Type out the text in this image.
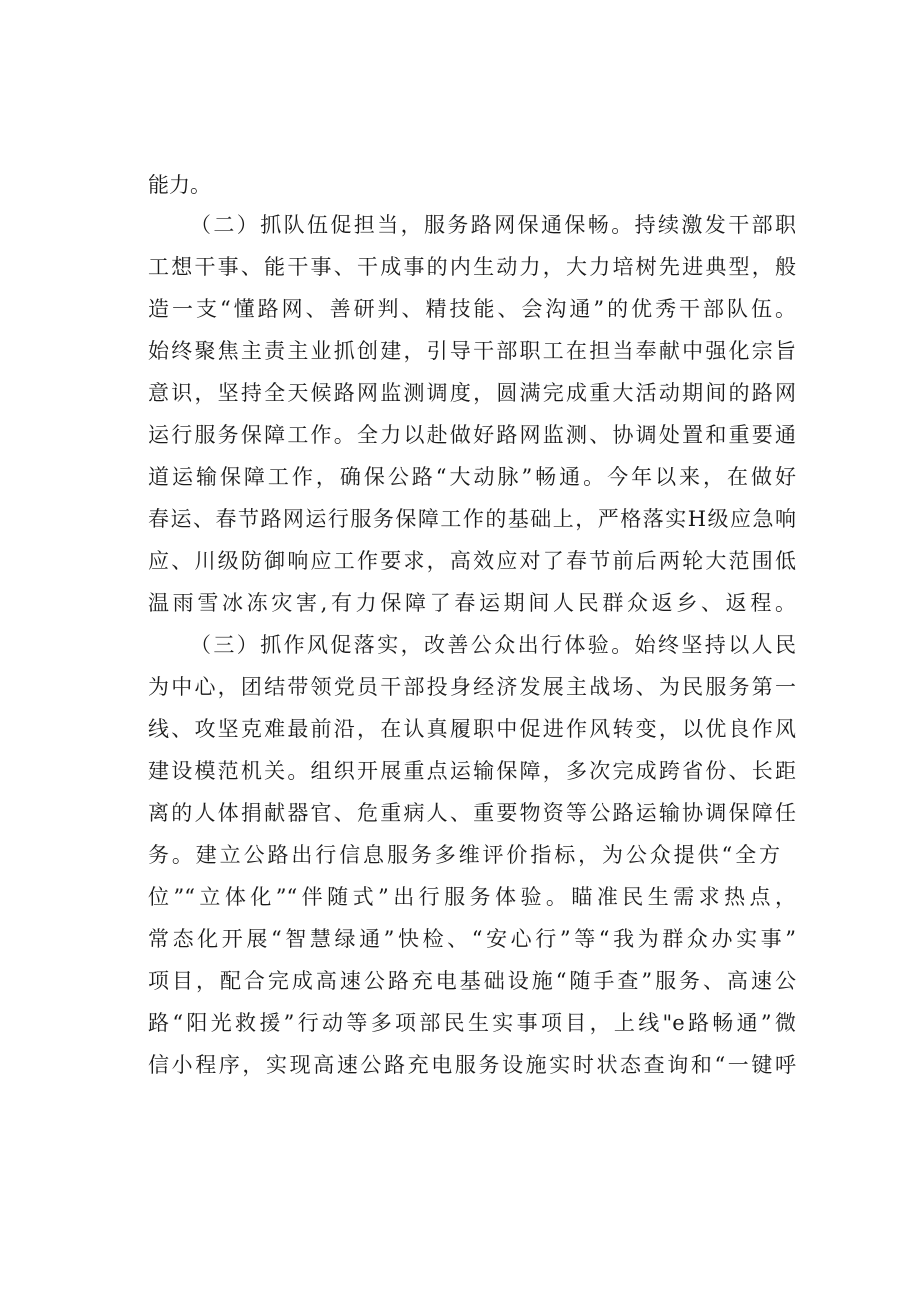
能力。
（二）抓队伍促担当，服务路网保通保畅。持续激发干部职
工想干事、能干事、干成事的内生动力，大力培树先进典型，般
造一支“懂路网、善研判、精技能、会沟通”的优秀干部队伍。
始终聚焦主责主业抓创建，引导干部职工在担当奉献中强化宗旨
意识，坚持全天候路网监测调度，圆满完成重大活动期间的路网
运行服务保障工作。全力以赴做好路网监测、协调处置和重要通
道运输保障工作，确保公路“大动脉”畅通。今年以来，在做好
春运、春节路网运行服务保障工作的基础上，严格落实H级应急响
应、川级防御响应工作要求，高效应对了春节前后两轮大范围低
温雨雪冰冻灾害,有力保障了春运期间人民群众返乡、返程。
（三）抓作风促落实，改善公众出行体验。始终坚持以人民
为中心，团结带领党员干部投身经济发展主战场、为民服务第一
线、攻坚克难最前沿，在认真履职中促进作风转变，以优良作风
建设模范机关。组织开展重点运输保障，多次完成跨省份、长距
离的人体捐献器官、危重病人、重要物资等公路运输协调保障任
务。建立公路出行信息服务多维评价指标，为公众提供“全方
位”“立体化”“伴随式”出行服务体验。瞄准民生需求热点，
常态化开展“智慧绿通”快检、“安心行”等“我为群众办实事”
项目，配合完成高速公路充电基础设施“随手查”服务、高速公
路“阳光救援”行动等多项部民生实事项目，上线"e路畅通”微
信小程序，实现高速公路充电服务设施实时状态查询和“一键呼
